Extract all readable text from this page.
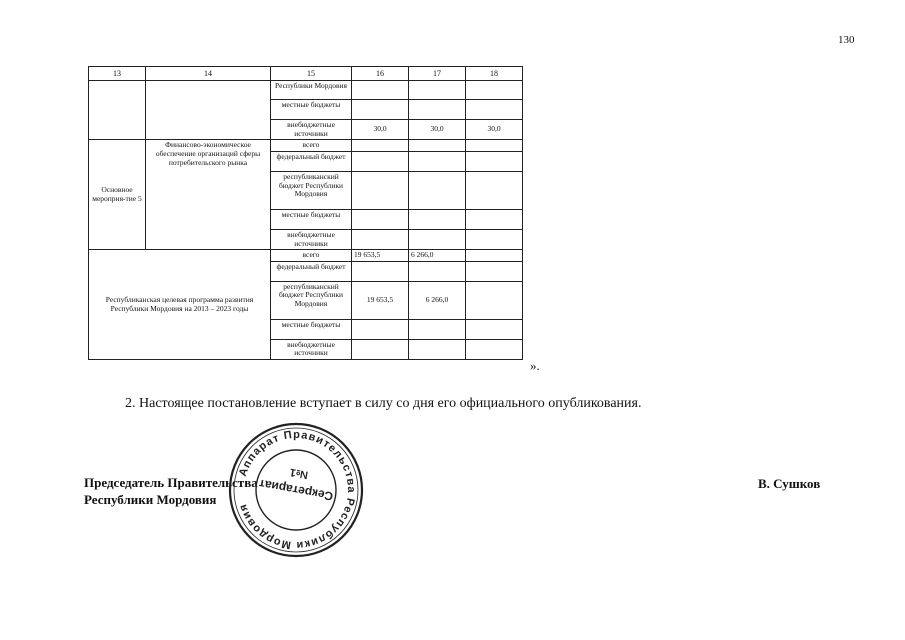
130
13	14	15	16	17	18
		Республики Мордовия			
		местные бюджеты			
		внебюджетные источники	30,0	30,0	30,0
Основное мероприя-тие 5	Финансово-экономическое обеспечение организаций сферы потребительского рынка	всего			
		федеральный бюджет			
		республиканский бюджет Республики Мордовия			
		местные бюджеты			
		внебюджетные источники			
Республиканская целевая программа развития Республики Мордовия на 2013 – 2023 годы		всего	19 653,5	6 266,0	
		федеральный бюджет			
		республиканский бюджет Республики Мордовия	19 653,5	6 266,0	
		местные бюджеты			
		внебюджетные источники			
».
2. Настоящее постановление вступает в силу со дня его официального опубликования.
Председатель Правительства
Республики Мордовия
В. Сушков
Аппарат Правительства Республики Мордовия
Секретариат
№1
